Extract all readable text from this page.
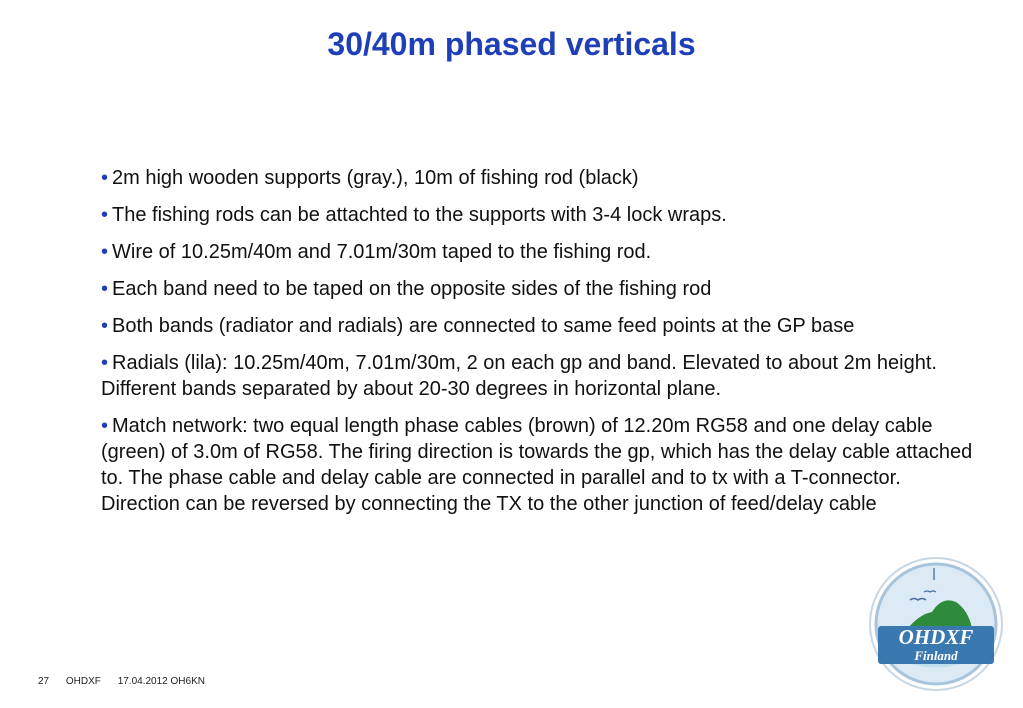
30/40m phased verticals
• 2m high wooden supports (gray.), 10m of fishing rod (black)
• The fishing rods can be attachted to the supports with 3-4 lock wraps.
• Wire of 10.25m/40m and 7.01m/30m taped to the fishing rod.
• Each band need to be taped on the opposite sides of the fishing rod
• Both bands (radiator and radials) are connected to same feed points at the GP base
• Radials (lila): 10.25m/40m, 7.01m/30m, 2 on each gp and band. Elevated to about 2m height. Different bands separated by about 20-30 degrees in horizontal plane.
• Match network: two equal length phase cables (brown) of 12.20m RG58 and one delay cable (green) of 3.0m of RG58. The firing direction is towards the gp, which has the delay cable attached to. The phase cable and delay cable are connected in parallel and to tx with a T-connector. Direction can be reversed by connecting the TX to the other junction of feed/delay cable
27 OHDXF 17.04.2012 OH6KN
OHDXF
Finland
